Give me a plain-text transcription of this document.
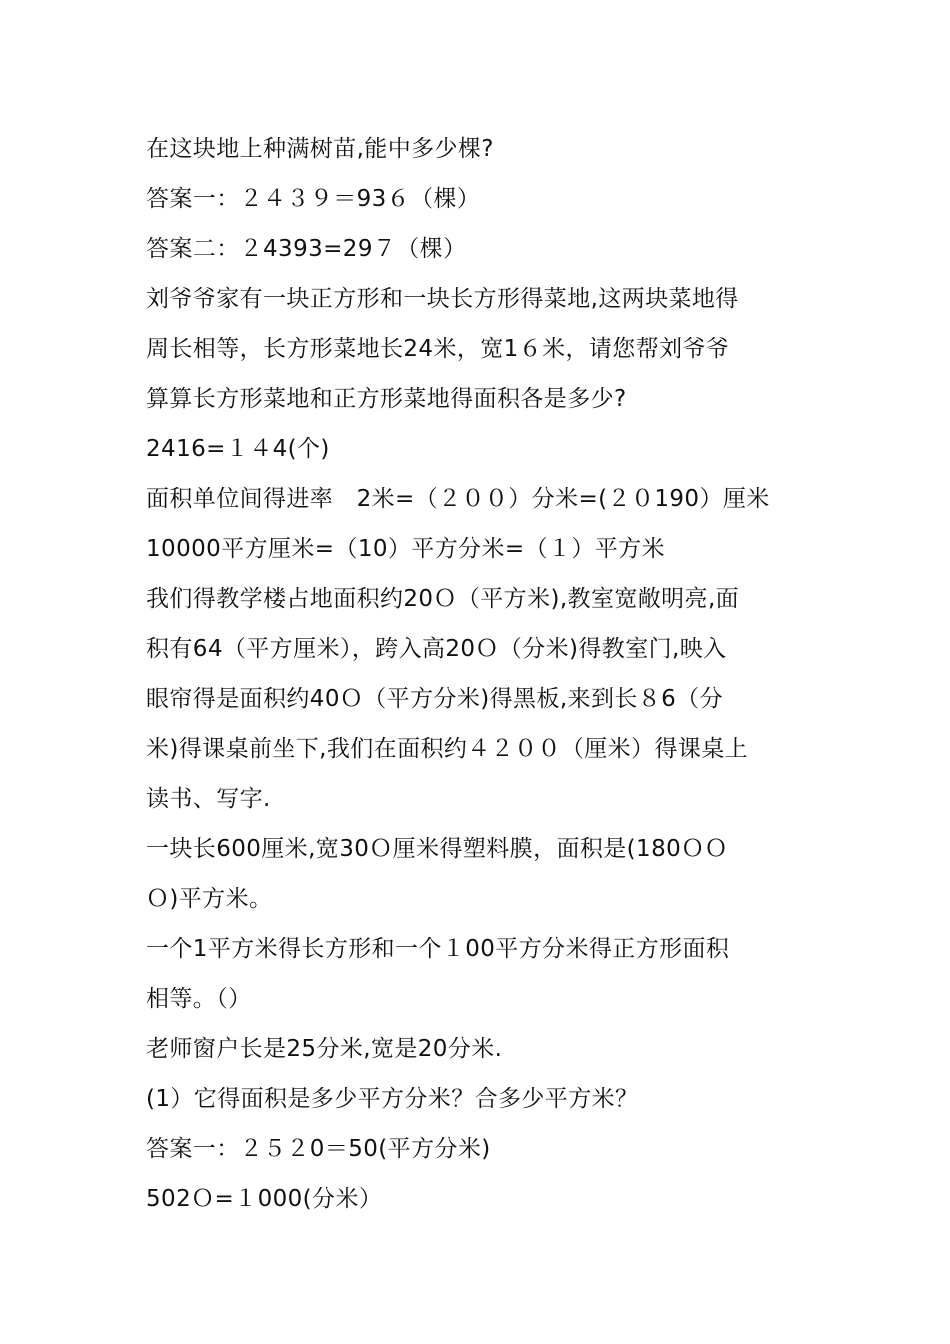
在这块地上种满树苗,能中多少棵?
答案一：２４３９＝93６（棵）
答案二：２4393=29７（棵）
刘爷爷家有一块正方形和一块长方形得菜地,这两块菜地得
周长相等，长方形菜地长24米，宽1６米，请您帮刘爷爷
算算长方形菜地和正方形菜地得面积各是多少?
2416=１４4(个)
面积单位间得进率　2米=（２００）分米=(２０190）厘米
10000平方厘米=（10）平方分米=（１）平方米
我们得教学楼占地面积约20Ｏ（平方米),教室宽敞明亮,面
积有64（平方厘米），跨入高20Ｏ（分米)得教室门,映入
眼帘得是面积约40Ｏ（平方分米)得黑板,来到长８6（分
米)得课桌前坐下,我们在面积约４２００（厘米）得课桌上
读书、写字.
一块长600厘米,宽30Ｏ厘米得塑料膜，面积是(180ＯＯ
Ｏ)平方米。
一个1平方米得长方形和一个１00平方分米得正方形面积
相等。（）
老师窗户长是25分米,宽是20分米.
(1）它得面积是多少平方分米？合多少平方米？
答案一：２５２0＝50(平方分米)
502Ｏ=１000(分米）
